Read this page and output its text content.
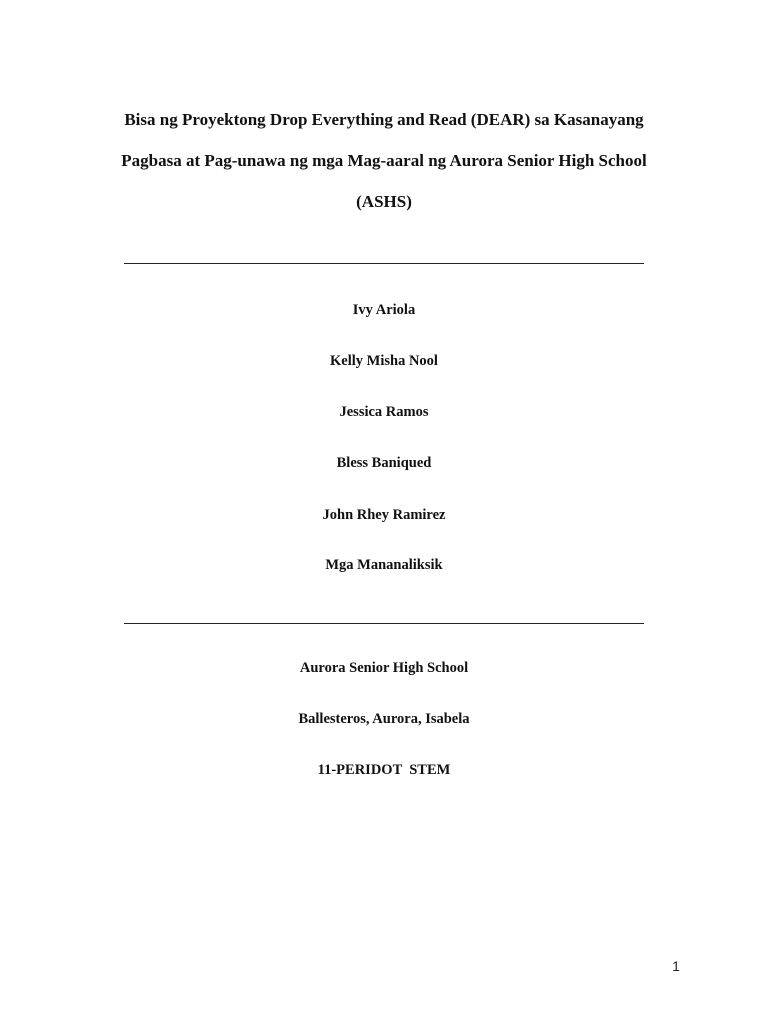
Bisa ng Proyektong Drop Everything and Read (DEAR) sa Kasanayang
Pagbasa at Pag-unawa ng mga Mag-aaral ng Aurora Senior High School
(ASHS)
Ivy Ariola
Kelly Misha Nool
Jessica Ramos
Bless Baniqued
John Rhey Ramirez
Mga Mananaliksik
Aurora Senior High School
Ballesteros, Aurora, Isabela
11-PERIDOT  STEM
1
